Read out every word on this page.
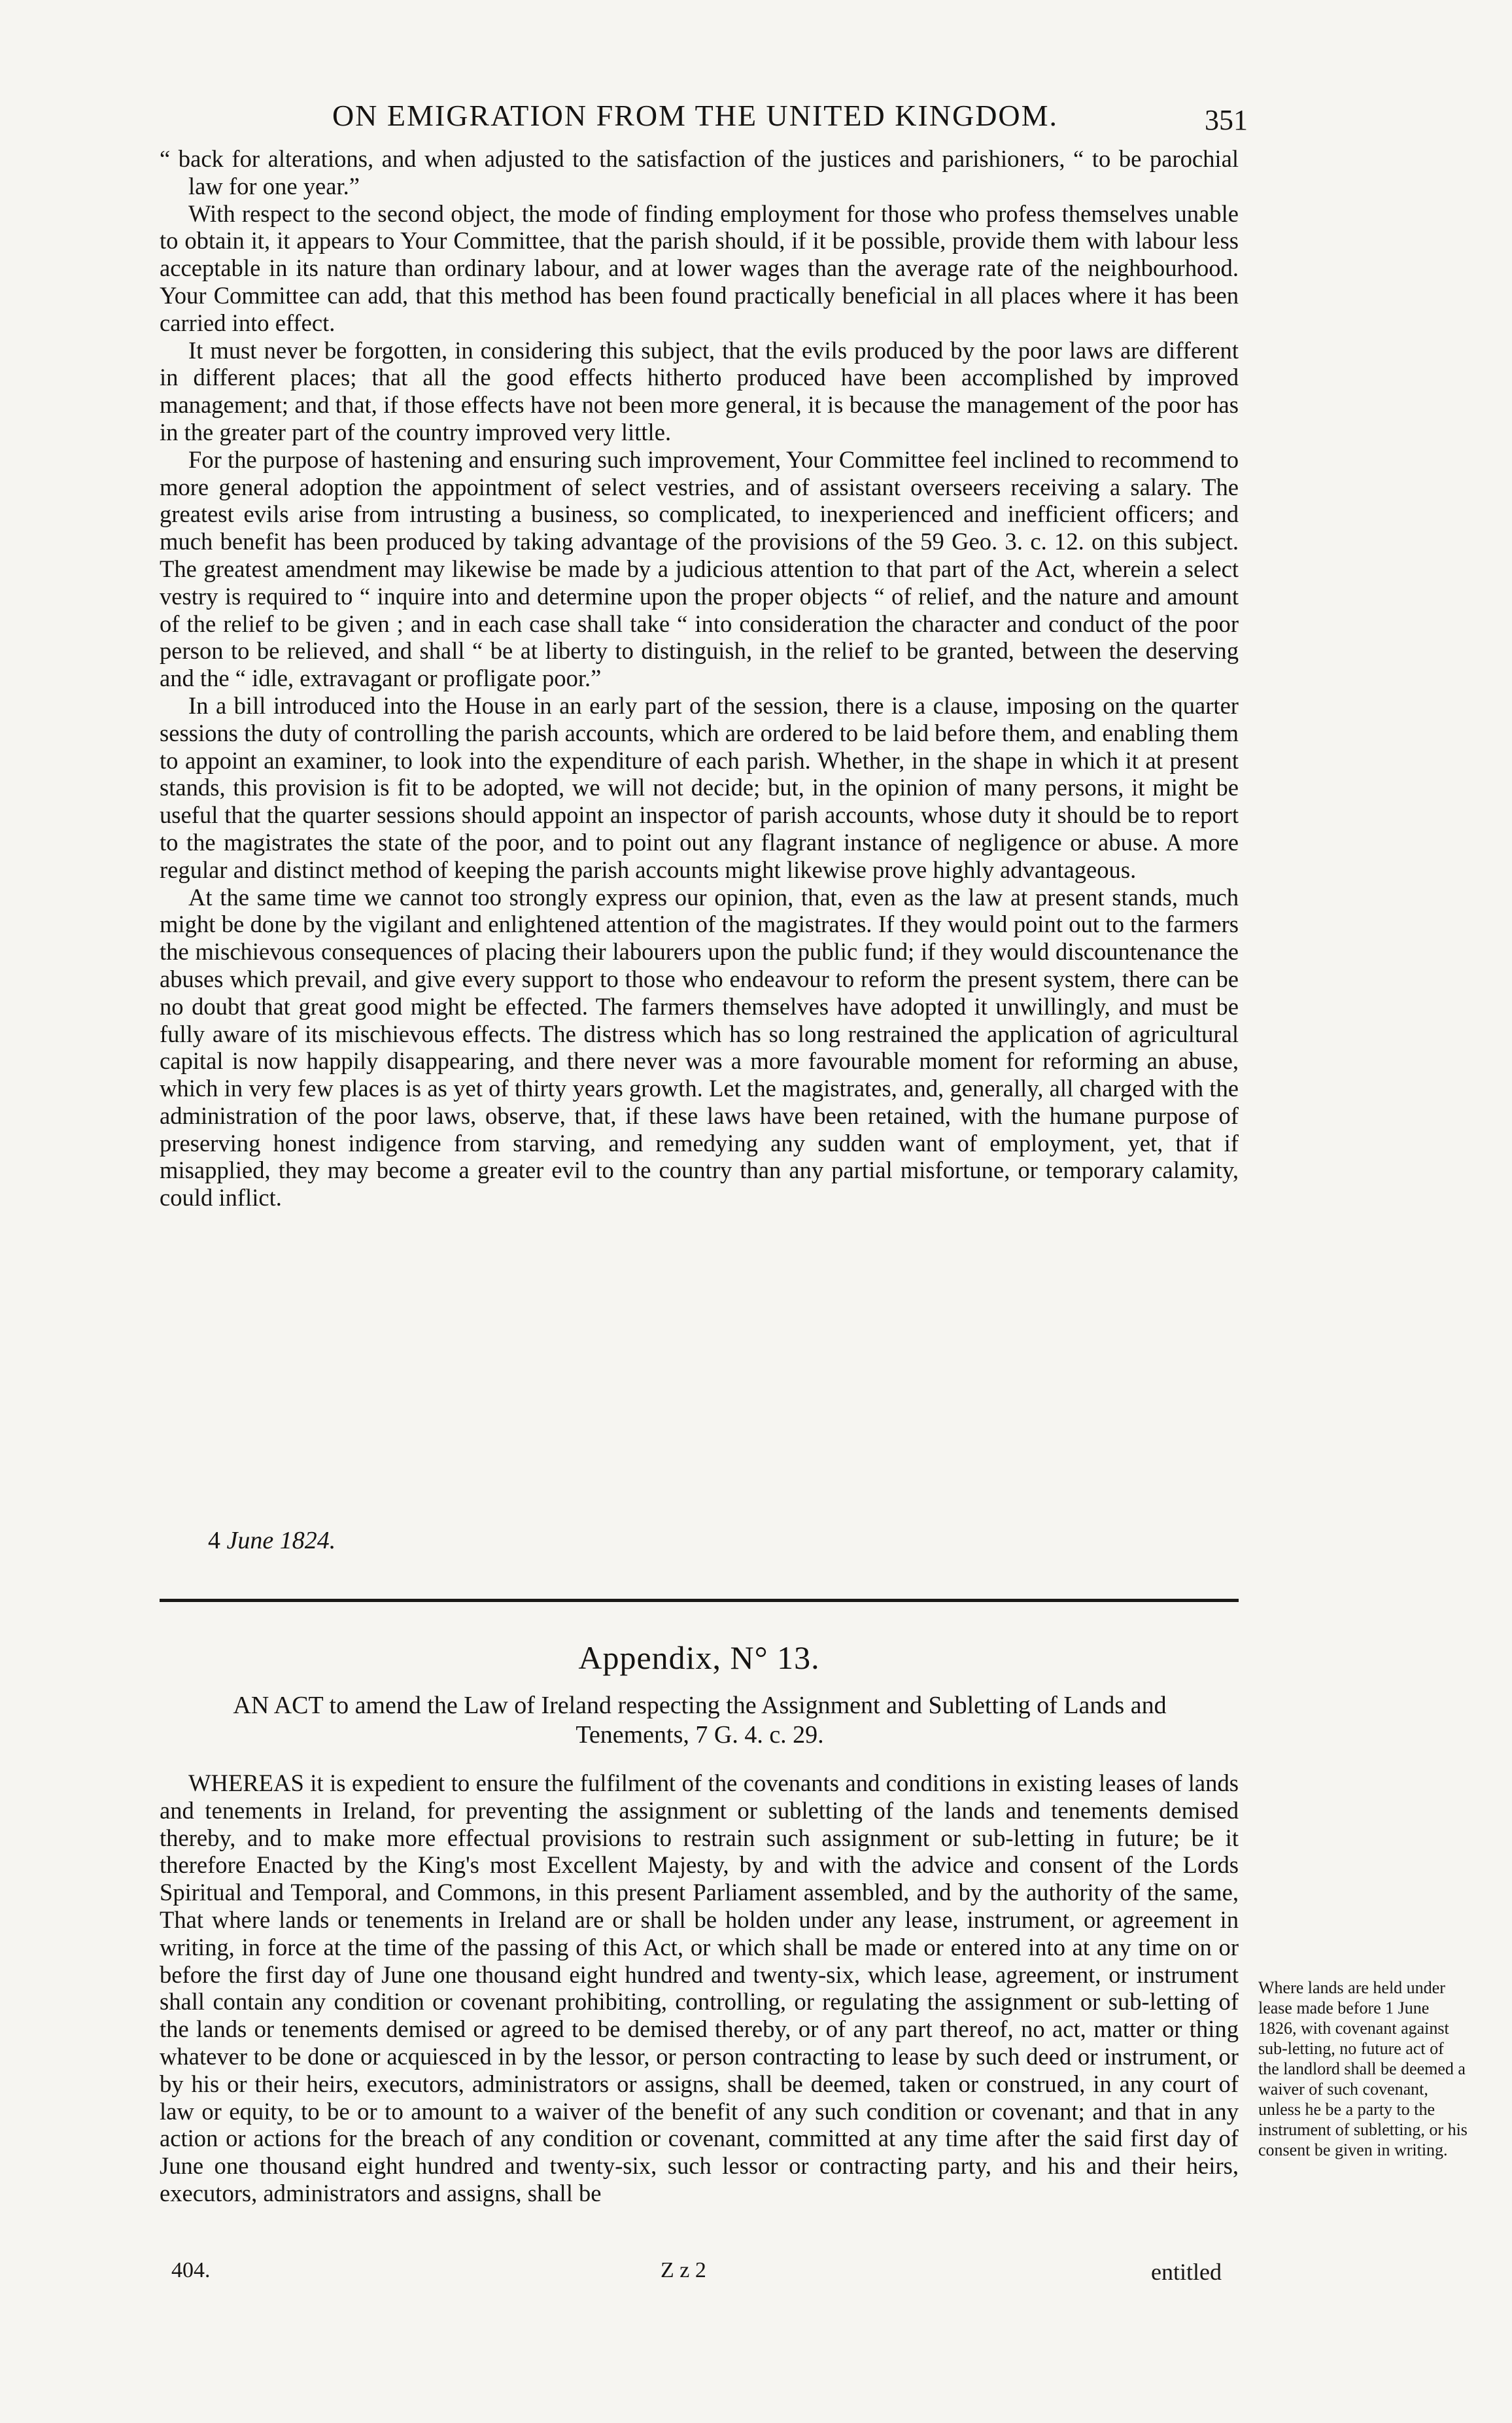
ON EMIGRATION FROM THE UNITED KINGDOM.	351

“ back for alterations, and when adjusted to the satisfaction of the justices and parishioners, “ to be parochial law for one year.”

With respect to the second object, the mode of finding employment for those who profess themselves unable to obtain it, it appears to Your Committee, that the parish should, if it be possible, provide them with labour less acceptable in its nature than ordinary labour, and at lower wages than the average rate of the neighbourhood. Your Committee can add, that this method has been found practically beneficial in all places where it has been carried into effect.

It must never be forgotten, in considering this subject, that the evils produced by the poor laws are different in different places; that all the good effects hitherto produced have been accomplished by improved management; and that, if those effects have not been more general, it is because the management of the poor has in the greater part of the country improved very little.

For the purpose of hastening and ensuring such improvement, Your Committee feel inclined to recommend to more general adoption the appointment of select vestries, and of assistant overseers receiving a salary. The greatest evils arise from intrusting a business, so complicated, to inexperienced and inefficient officers; and much benefit has been produced by taking advantage of the provisions of the 59 Geo. 3. c. 12. on this subject. The greatest amendment may likewise be made by a judicious attention to that part of the Act, wherein a select vestry is required to “ inquire into and determine upon the proper objects “ of relief, and the nature and amount of the relief to be given ; and in each case shall take “ into consideration the character and conduct of the poor person to be relieved, and shall “ be at liberty to distinguish, in the relief to be granted, between the deserving and the “ idle, extravagant or profligate poor.”

In a bill introduced into the House in an early part of the session, there is a clause, imposing on the quarter sessions the duty of controlling the parish accounts, which are ordered to be laid before them, and enabling them to appoint an examiner, to look into the expenditure of each parish. Whether, in the shape in which it at present stands, this provision is fit to be adopted, we will not decide; but, in the opinion of many persons, it might be useful that the quarter sessions should appoint an inspector of parish accounts, whose duty it should be to report to the magistrates the state of the poor, and to point out any flagrant instance of negligence or abuse. A more regular and distinct method of keeping the parish accounts might likewise prove highly advantageous.

At the same time we cannot too strongly express our opinion, that, even as the law at present stands, much might be done by the vigilant and enlightened attention of the magistrates. If they would point out to the farmers the mischievous consequences of placing their labourers upon the public fund; if they would discountenance the abuses which prevail, and give every support to those who endeavour to reform the present system, there can be no doubt that great good might be effected. The farmers themselves have adopted it unwillingly, and must be fully aware of its mischievous effects. The distress which has so long restrained the application of agricultural capital is now happily disappearing, and there never was a more favourable moment for reforming an abuse, which in very few places is as yet of thirty years growth. Let the magistrates, and, generally, all charged with the administration of the poor laws, observe, that, if these laws have been retained, with the humane purpose of preserving honest indigence from starving, and remedying any sudden want of employment, yet, that if misapplied, they may become a greater evil to the country than any partial misfortune, or temporary calamity, could inflict.

4 June 1824.
Appendix, N° 13.
AN ACT to amend the Law of Ireland respecting the Assignment and Subletting of Lands and Tenements, 7 G. 4. c. 29.

WHEREAS it is expedient to ensure the fulfilment of the covenants and conditions in existing leases of lands and tenements in Ireland, for preventing the assignment or subletting of the lands and tenements demised thereby, and to make more effectual provisions to restrain such assignment or sub-letting in future; be it therefore Enacted by the King's most Excellent Majesty, by and with the advice and consent of the Lords Spiritual and Temporal, and Commons, in this present Parliament assembled, and by the authority of the same, That where lands or tenements in Ireland are or shall be holden under any lease, instrument, or agreement in writing, in force at the time of the passing of this Act, or which shall be made or entered into at any time on or before the first day of June one thousand eight hundred and twenty-six, which lease, agreement, or instrument shall contain any condition or covenant prohibiting, controlling, or regulating the assignment or sub-letting of the lands or tenements demised or agreed to be demised thereby, or of any part thereof, no act, matter or thing whatever to be done or acquiesced in by the lessor, or person contracting to lease by such deed or instrument, or by his or their heirs, executors, administrators or assigns, shall be deemed, taken or construed, in any court of law or equity, to be or to amount to a waiver of the benefit of any such condition or covenant; and that in any action or actions for the breach of any condition or covenant, committed at any time after the said first day of June one thousand eight hundred and twenty-six, such lessor or contracting party, and his and their heirs, executors, administrators and assigns, shall be

Where lands are held under lease made before 1 June 1826, with covenant against sub-letting, no future act of the landlord shall be deemed a waiver of such covenant, unless he be a party to the instrument of subletting, or his consent be given in writing.
404.	Z z 2	entitled
